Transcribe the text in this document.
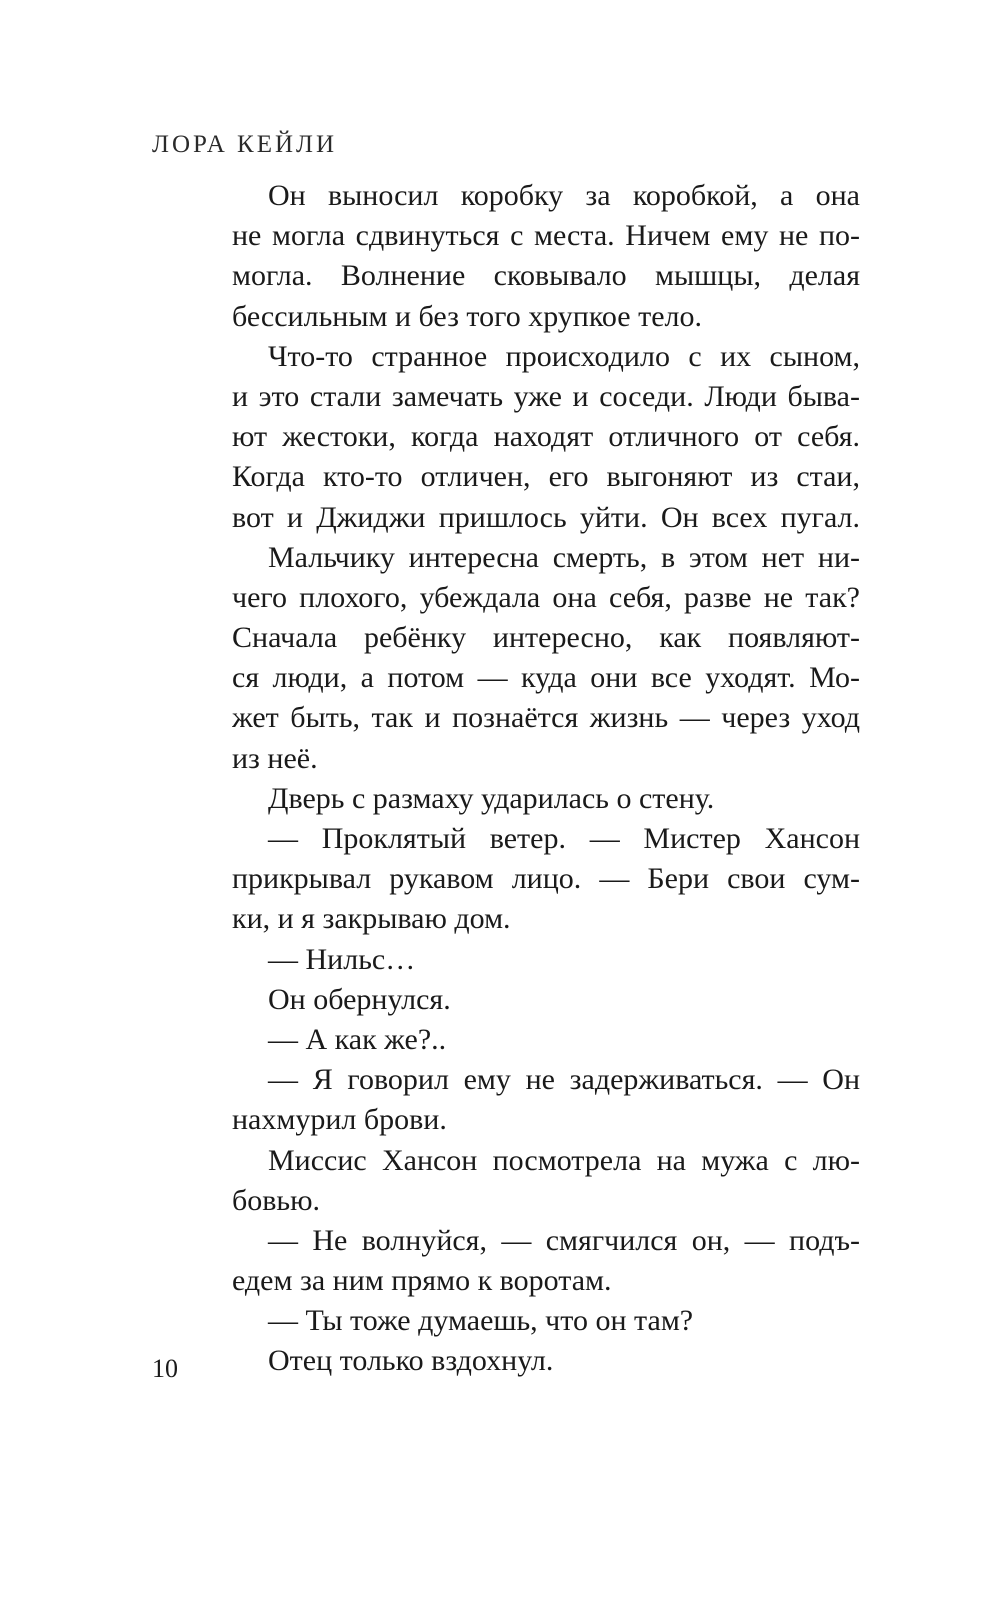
ЛОРА КЕЙЛИ
Он выносил коробку за коробкой, а она
не могла сдвинуться с места. Ничем ему не по-
могла. Волнение сковывало мышцы, делая
бессильным и без того хрупкое тело.
Что-то странное происходило с их сыном,
и это стали замечать уже и соседи. Люди быва-
ют жестоки, когда находят отличного от себя.
Когда кто-то отличен, его выгоняют из стаи,
вот и Джиджи пришлось уйти. Он всех пугал.
Мальчику интересна смерть, в этом нет ни-
чего плохого, убеждала она себя, разве не так?
Сначала ребёнку интересно, как появляют-
ся люди, а потом — куда они все уходят. Мо-
жет быть, так и познаётся жизнь — через уход
из неё.
Дверь с размаху ударилась о стену.
— Проклятый ветер. — Мистер Хансон
прикрывал рукавом лицо. — Бери свои сум-
ки, и я закрываю дом.
— Нильс…
Он обернулся.
— А как же?..
— Я говорил ему не задерживаться. — Он
нахмурил брови.
Миссис Хансон посмотрела на мужа с лю-
бовью.
— Не волнуйся, — смягчился он, — подъ-
едем за ним прямо к воротам.
— Ты тоже думаешь, что он там?
Отец только вздохнул.
10
